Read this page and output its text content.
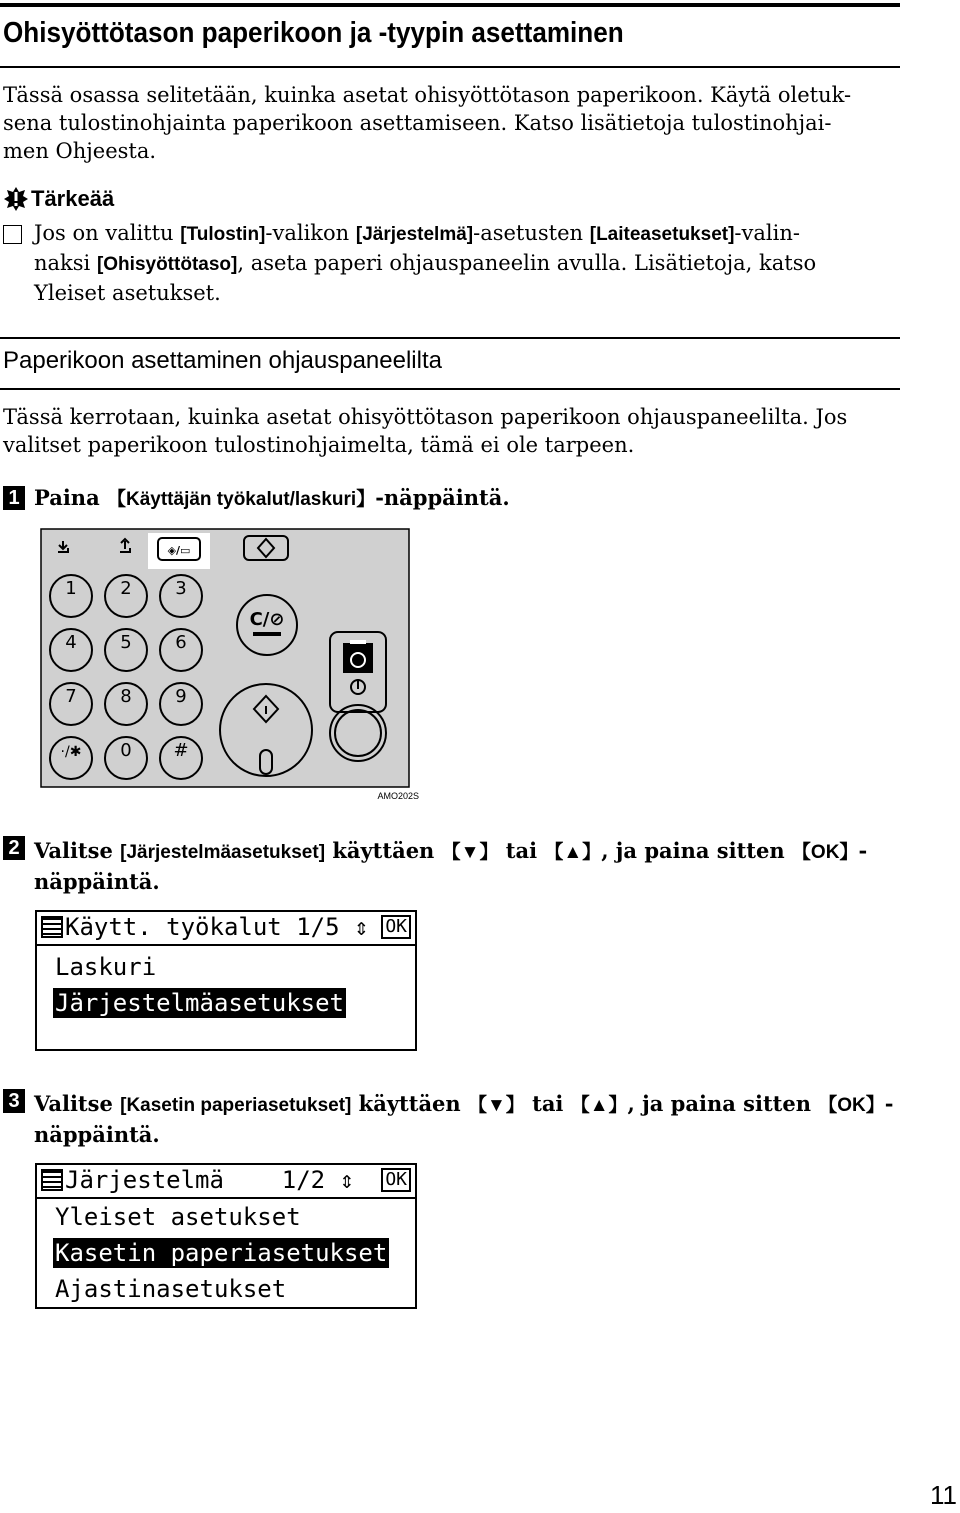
Ohisyöttötason paperikoon ja -tyypin asettaminen
Tässä osassa selitetään, kuinka asetat ohisyöttötason paperikoon. Käytä oletuk-
sena tulostinohjainta paperikoon asettamiseen. Katso lisätietoja tulostinohjai-
men Ohjeesta.
Tärkeää
Jos on valittu [Tulostin]-valikon [Järjestelmä]-asetusten [Laiteasetukset]-valin-
naksi [Ohisyöttötaso], aseta paperi ohjauspaneelin avulla. Lisätietoja, katso
Yleiset asetukset.
Paperikoon asettaminen ohjauspaneelilta
Tässä kerrotaan, kuinka asetat ohisyöttötason paperikoon ohjauspaneelilta. Jos
valitset paperikoon tulostinohjaimelta, tämä ei ole tarpeen.
1 Paina 【Käyttäjän työkalut/laskuri】-näppäintä.
◈/▭
1 2 3
4 5 6
7 8 9
·/✱ 0 #
C/⊘
AMO202S
2 Valitse [Järjestelmäasetukset] käyttäen 【▼】 tai 【▲】, ja paina sitten 【OK】-
näppäintä.
Käytt. työkalut 1/5 ⇕ OK
Laskuri
Järjestelmäasetukset
3 Valitse [Kasetin paperiasetukset] käyttäen 【▼】 tai 【▲】, ja paina sitten 【OK】-
näppäintä.
Järjestelmä    1/2 ⇕ OK
Yleiset asetukset
Kasetin paperiasetukset
Ajastinasetukset
11
